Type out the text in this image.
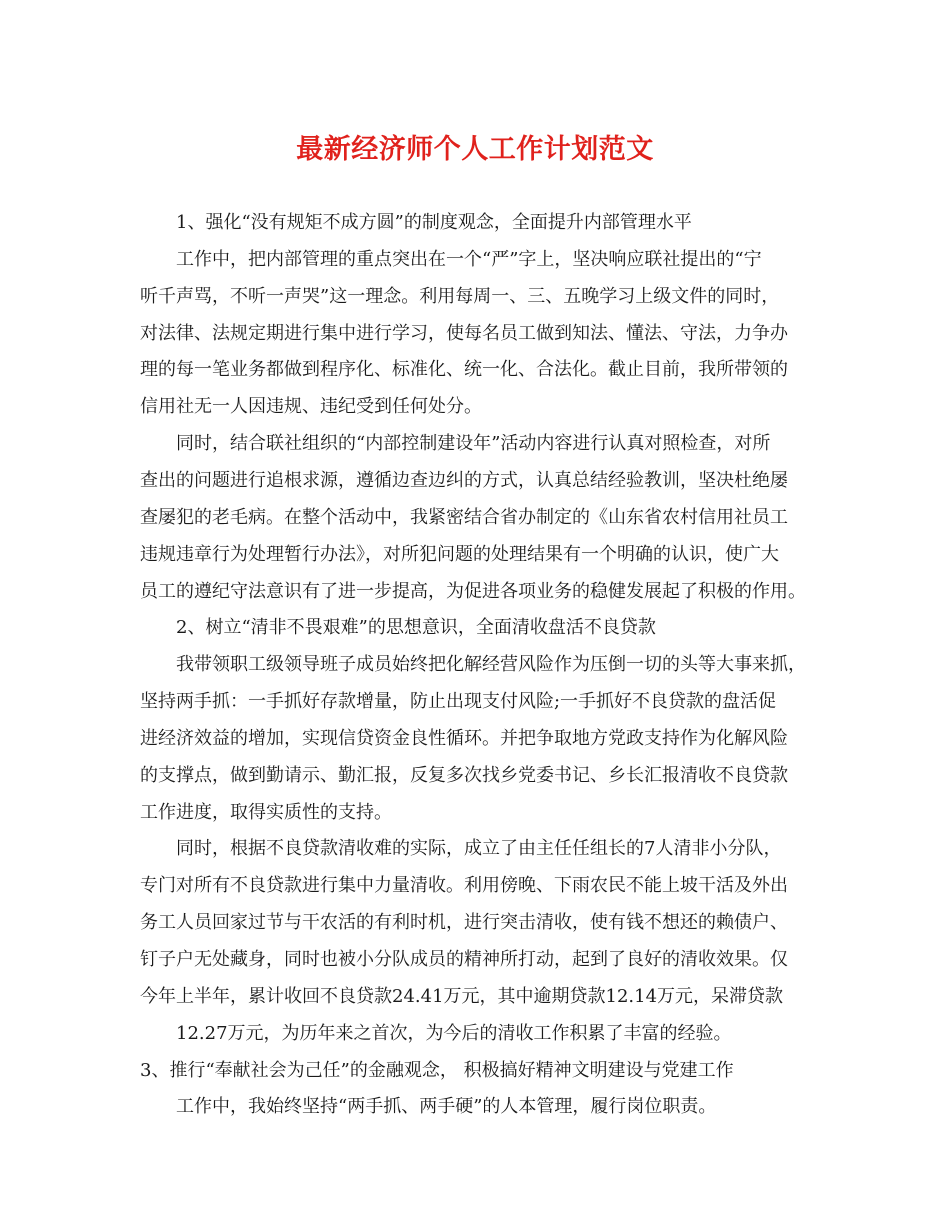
最新经济师个人工作计划范文
1、强化“没有规矩不成方圆”的制度观念，全面提升内部管理水平
工作中，把内部管理的重点突出在一个“严”字上，坚决响应联社提出的“宁
听千声骂，不听一声哭”这一理念。利用每周一、三、五晚学习上级文件的同时，
对法律、法规定期进行集中进行学习，使每名员工做到知法、懂法、守法，力争办
理的每一笔业务都做到程序化、标准化、统一化、合法化。截止目前，我所带领的
信用社无一人因违规、违纪受到任何处分。
同时，结合联社组织的“内部控制建设年”活动内容进行认真对照检查，对所
查出的问题进行追根求源，遵循边查边纠的方式，认真总结经验教训，坚决杜绝屡
查屡犯的老毛病。在整个活动中，我紧密结合省办制定的《山东省农村信用社员工
违规违章行为处理暂行办法》，对所犯问题的处理结果有一个明确的认识，使广大
员工的遵纪守法意识有了进一步提高，为促进各项业务的稳健发展起了积极的作用。
2、树立“清非不畏艰难”的思想意识，全面清收盘活不良贷款
我带领职工级领导班子成员始终把化解经营风险作为压倒一切的头等大事来抓，
坚持两手抓：一手抓好存款增量，防止出现支付风险;一手抓好不良贷款的盘活促
进经济效益的增加，实现信贷资金良性循环。并把争取地方党政支持作为化解风险
的支撑点，做到勤请示、勤汇报，反复多次找乡党委书记、乡长汇报清收不良贷款
工作进度，取得实质性的支持。
同时，根据不良贷款清收难的实际，成立了由主任任组长的7人清非小分队，
专门对所有不良贷款进行集中力量清收。利用傍晚、下雨农民不能上坡干活及外出
务工人员回家过节与干农活的有利时机，进行突击清收，使有钱不想还的赖债户、
钉子户无处藏身，同时也被小分队成员的精神所打动，起到了良好的清收效果。仅
今年上半年，累计收回不良贷款24.41万元，其中逾期贷款12.14万元，呆滞贷款
12.27万元，为历年来之首次，为今后的清收工作积累了丰富的经验。
3、推行“奉献社会为己任”的金融观念， 积极搞好精神文明建设与党建工作
工作中，我始终坚持“两手抓、两手硬”的人本管理，履行岗位职责。
